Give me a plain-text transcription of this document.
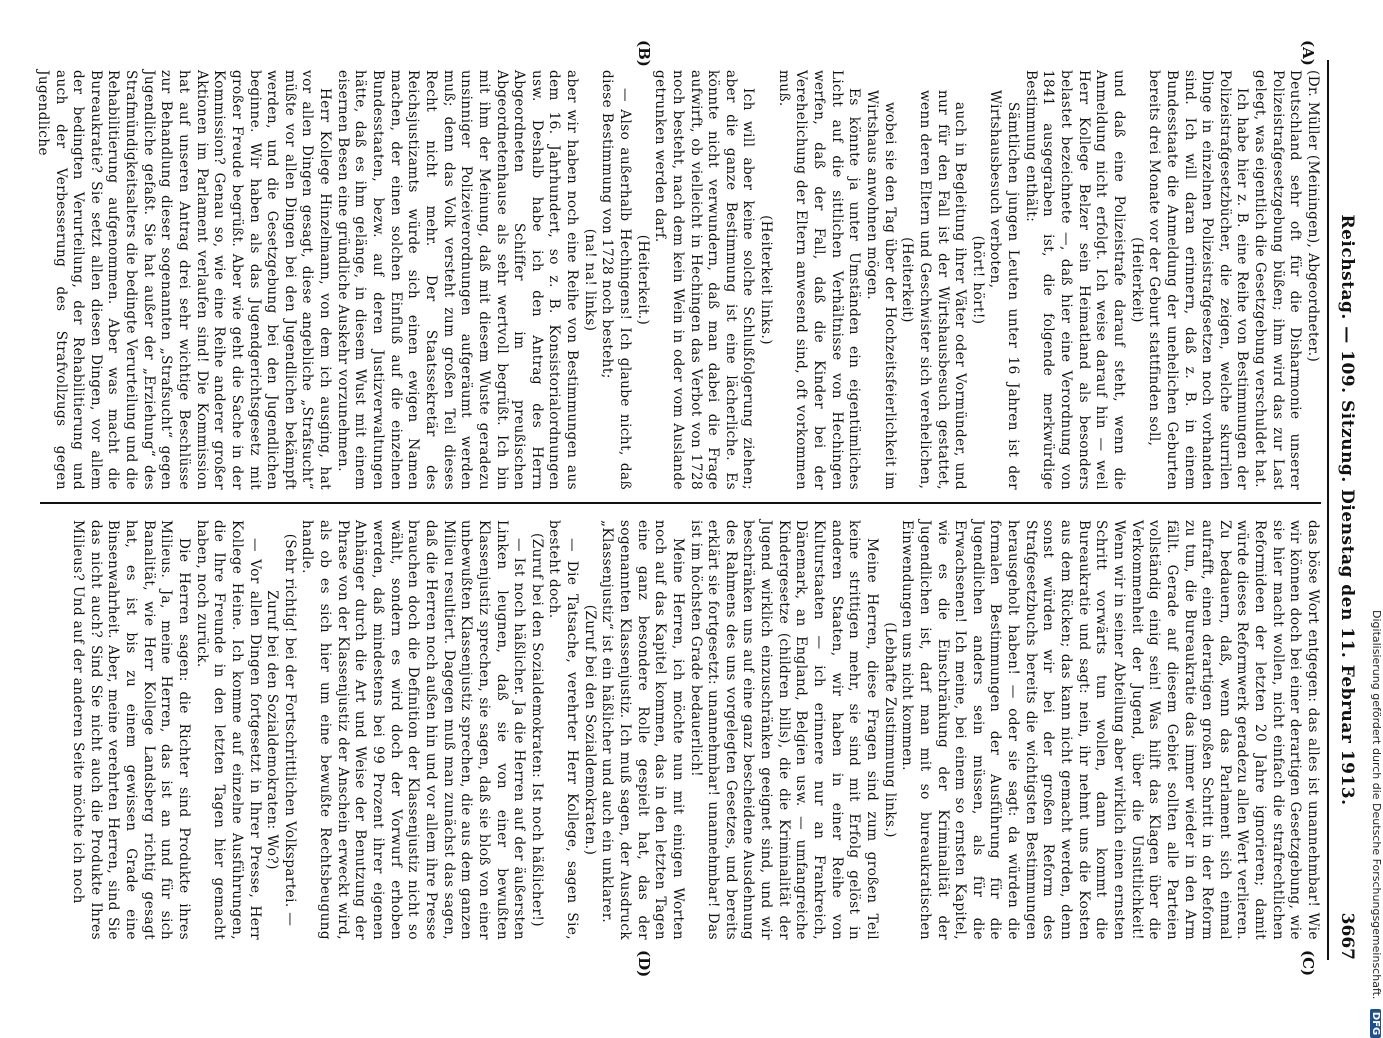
Reichstag. — 109. Sitzung. Dienstag den 11. Februar 1913.
3667
(A)
(B)
(C)
(D)

(Dr. Müller (Meiningen), Abgeordneter.)

Deutschland sehr oft für die Disharmonie unserer Polizeistrafgesetzgebung büßen; ihm wird das zur Last gelegt, was eigentlich die Gesetzgebung verschuldet hat.

Ich habe hier z. B. eine Reihe von Bestimmungen der Polizeistrafgesetzbücher, die zeigen, welche skurrilen Dinge in einzelnen Polizeistrafgesetzen noch vorhanden sind. Ich will daran erinnern, daß z. B. in einem Bundesstaate die Anmeldung der unehelichen Geburten bereits drei Monate vor der Geburt stattfinden soll,

(Heiterkeit)

und daß eine Polizeistrafe darauf steht, wenn die Anmeldung nicht erfolgt. Ich weise darauf hin — weil Herr Kollege Belzer sein Heimatland als besonders belastet bezeichnete —, daß hier eine Verordnung von 1841 ausgegraben ist, die folgende merkwürdige Bestimmung enthält:

Sämtlichen jungen Leuten unter 16 Jahren ist der Wirtshausbesuch verboten,

(hört! hört!)

auch in Begleitung ihrer Väter oder Vormünder, und nur für den Fall ist der Wirtshausbesuch gestattet, wenn deren Eltern und Geschwister sich verehelichen,

(Heiterkeit)

wobei sie den Tag über der Hochzeitsfeierlichkeit im Wirtshaus anwohnen mögen.

Es könnte ja unter Umständen ein eigentümliches Licht auf die sittlichen Verhältnisse von Hechingen werfen, daß der Fall, daß die Kinder bei der Verehelichung der Eltern anwesend sind, oft vorkommen muß.

(Heiterkeit links.)

Ich will aber keine solche Schlußfolgerung ziehen; aber die ganze Bestimmung ist eine lächerliche. Es könnte nicht verwundern, daß man dabei die Frage aufwirft, ob vielleicht in Hechingen das Verbot von 1728 noch besteht, nach dem kein Wein in oder vom Auslande getrunken werden darf.

(Heiterkeit.)

— Also außerhalb Hechingens! Ich glaube nicht, daß diese Bestimmung von 1728 noch besteht;

(na! na! links)

aber wir haben noch eine Reihe von Bestimmungen aus dem 16. Jahrhundert, so z. B. Konsistorialordnungen usw. Deshalb habe ich den Antrag des Herrn Abgeordneten Schiffer im preußischen Abgeordnetenhause als sehr wertvoll begrüßt. Ich bin mit ihm der Meinung, daß mit diesem Wuste geradezu unsinniger Polizeiverordnungen aufgeräumt werden muß; denn das Volk versteht zum großen Teil dieses Recht nicht mehr. Der Staatssekretär des Reichsjustizamts würde sich einen ewigen Namen machen, der einen solchen Einfluß auf die einzelnen Bundesstaaten, bezw. auf deren Justizverwaltungen hätte, daß es ihm gelänge, in diesem Wust mit einem eisernen Besen eine gründliche Auskehr vorzunehmen.

Herr Kollege Hinzelmann, von dem ich ausging, hat vor allen Dingen gesagt, diese angebliche „Strafsucht“ müßte vor allen Dingen bei den Jugendlichen bekämpft werden, und die Gesetzgebung bei den Jugendlichen beginne. Wir haben als das Jugendgerichtsgesetz mit großer Freude begrüßt. Aber wie geht die Sache in der Kommission? Genau so, wie eine Reihe anderer großer Aktionen im Parlament verlaufen sind! Die Kommission hat auf unseren Antrag drei sehr wichtige Beschlüsse zur Behandlung dieser sogenannten „Strafsucht“ gegen Jugendliche gefaßt. Sie hat außer der „Erziehung“ des Strafmündigkeitsalters die bedingte Verurteilung und die Rehabilitierung aufgenommen. Aber was macht die Bureaukratie? Sie setzt allen diesen Dingen, vor allem der bedingten Verurteilung, der Rehabilitierung und auch der Verbesserung des Strafvollzugs gegen Jugendliche

das böse Wort entgegen: das alles ist unannehmbar! Wie wir können doch bei einer derartigen Gesetzgebung, wie sie hier macht wollen, nicht einfach die strafrechtlichen Reformideen der letzten 20 Jahre ignorieren; damit würde dieses Reformwerk geradezu allen Wert verlieren. Zu bedauern, daß, wenn das Parlament sich einmal aufrafft, einen derartigen großen Schritt in der Reform zu tun, die Bureaukratie das immer wieder in den Arm fällt. Gerade auf diesem Gebiet sollten alle Parteien vollständig einig sein! Was hilft das Klagen über die Verkommenheit der Jugend, über die Unsittlichkeit! Wenn wir in seiner Abteilung aber wirklich einen ernsten Schritt vorwärts tun wollen, dann kommt die Bureaukratie und sagt: nein, ihr nehmt uns die Kosten aus dem Rücken; das kann nicht gemacht werden, denn sonst würden wir bei der großen Reform des Strafgesetzbuchs bereits die wichtigsten Bestimmungen herausgeholt haben! — oder sie sagt: da würden die formalen Bestimmungen der Ausführung für die Jugendlichen anders sein müssen, als für die Erwachsenen! Ich meine, bei einem so ernsten Kapitel, wie es die Einschränkung der Kriminalität der Jugendlichen ist, darf man mit so bureaukratischen Einwendungen uns nicht kommen.

(Lebhafte Zustimmung links.)

Meine Herren, diese Fragen sind zum großen Teil keine strittigen mehr, sie sind mit Erfolg gelöst in anderen Staaten, wir haben in einer Reihe von Kulturstaaten — ich erinnere nur an Frankreich, Dänemark, an England, Belgien usw. — umfangreiche Kindergesetze (children bills), die die Kriminalität der Jugend wirklich einzuschränken geeignet sind, und wir beschränken uns auf eine ganz bescheidene Ausdehnung des Rahmens des uns vorgelegten Gesetzes, und bereits erklärt sie fortgesetzt: unannehmbar! unannehmbar! Das ist im höchsten Grade bedauerlich!

Meine Herren, ich möchte nun mit einigen Worten noch auf das Kapitel kommen, das in den letzten Tagen eine ganz besondere Rolle gespielt hat, das der sogenannten Klassenjustiz. Ich muß sagen, der Ausdruck „Klassenjustiz“ ist ein häßlicher und auch ein unklarer.

(Zuruf bei den Sozialdemokraten.)

— Die Tatsache, verehrter Herr Kollege, sagen Sie, besteht doch.

(Zuruf bei den Sozialdemokraten: Ist noch häßlicher!)

— Ist noch häßlicher. Ja die Herren auf der äußersten Linken leugnen, daß sie von einer bewußten Klassenjustiz sprechen, sie sagen, daß sie bloß von einer unbewußten Klassenjustiz sprechen, die aus dem ganzen Milieu resultiert. Dagegen muß man zunächst das sagen, daß die Herren noch außen hin und vor allem ihre Presse brauchen doch die Definition der Klassenjustiz nicht so wählt, sondern es wird doch der Vorwurf erhoben werden, daß mindestens bei 99 Prozent ihrer eigenen Anhänger durch die Art und Weise der Benutzung der Phrase von der Klassenjustiz der Anschein erweckt wird, als ob es sich hier um eine bewußte Rechtsbeugung handle.

(Sehr richtig! bei der Fortschrittlichen Volkspartei. — Zuruf bei den Sozialdemokraten: Wo?)

— Vor allen Dingen fortgesetzt in Ihrer Presse, Herr Kollege Heine. Ich komme auf einzelne Ausführungen, die Ihre Freunde in den letzten Tagen hier gemacht haben, noch zurück.

Die Herren sagen: die Richter sind Produkte ihres Milieus. Ja, meine Herren, das ist an und für sich Banalität, wie Herr Kollege Landsberg richtig gesagt hat, es ist bis zu einem gewissen Grade eine Binsenwahrheit. Aber, meine verehrten Herren, sind Sie das nicht auch? Sind Sie nicht auch die Produkte Ihres Milieus? Und auf der anderen Seite möchte ich noch	Digitalisierung gefördert durch die Deutsche Forschungsgemeinschaft. DFG
